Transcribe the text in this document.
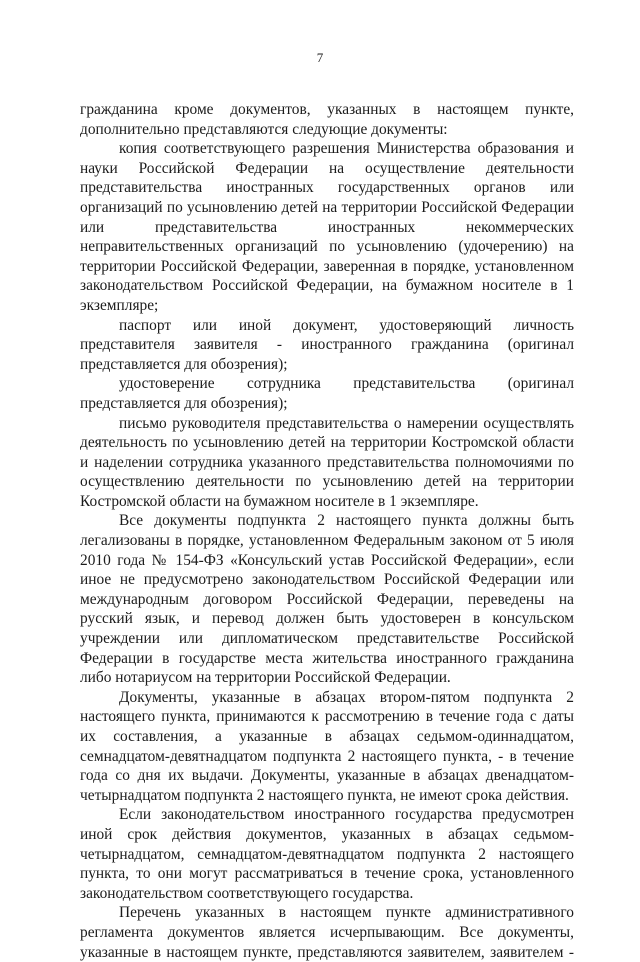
7

гражданина кроме документов, указанных в настоящем пункте, дополнительно представляются следующие документы:

копия соответствующего разрешения Министерства образования и науки Российской Федерации на осуществление деятельности представительства иностранных государственных органов или организаций по усыновлению детей на территории Российской Федерации или представительства иностранных некоммерческих неправительственных организаций по усыновлению (удочерению) на территории Российской Федерации, заверенная в порядке, установленном законодательством Российской Федерации, на бумажном носителе в 1 экземпляре;

паспорт или иной документ, удостоверяющий личность представителя заявителя - иностранного гражданина (оригинал представляется для обозрения);

удостоверение сотрудника представительства (оригинал представляется для обозрения);

письмо руководителя представительства о намерении осуществлять деятельность по усыновлению детей на территории Костромской области и наделении сотрудника указанного представительства полномочиями по осуществлению деятельности по усыновлению детей на территории Костромской области на бумажном носителе в 1 экземпляре.

Все документы подпункта 2 настоящего пункта должны быть легализованы в порядке, установленном Федеральным законом от 5 июля 2010 года № 154-ФЗ «Консульский устав Российской Федерации», если иное не предусмотрено законодательством Российской Федерации или международным договором Российской Федерации, переведены на русский язык, и перевод должен быть удостоверен в консульском учреждении или дипломатическом представительстве Российской Федерации в государстве места жительства иностранного гражданина либо нотариусом на территории Российской Федерации.

Документы, указанные в абзацах втором-пятом подпункта 2 настоящего пункта, принимаются к рассмотрению в течение года с даты их составления, а указанные в абзацах седьмом-одиннадцатом, семнадцатом-девятнадцатом подпункта 2 настоящего пункта, - в течение года со дня их выдачи. Документы, указанные в абзацах двенадцатом-четырнадцатом подпункта 2 настоящего пункта, не имеют срока действия.

Если законодательством иностранного государства предусмотрен иной срок действия документов, указанных в абзацах седьмом-четырнадцатом, семнадцатом-девятнадцатом подпункта 2 настоящего пункта, то они могут рассматриваться в течение срока, установленного законодательством соответствующего государства.

Перечень указанных в настоящем пункте административного регламента документов является исчерпывающим. Все документы, указанные в настоящем пункте, представляются заявителем, заявителем -
